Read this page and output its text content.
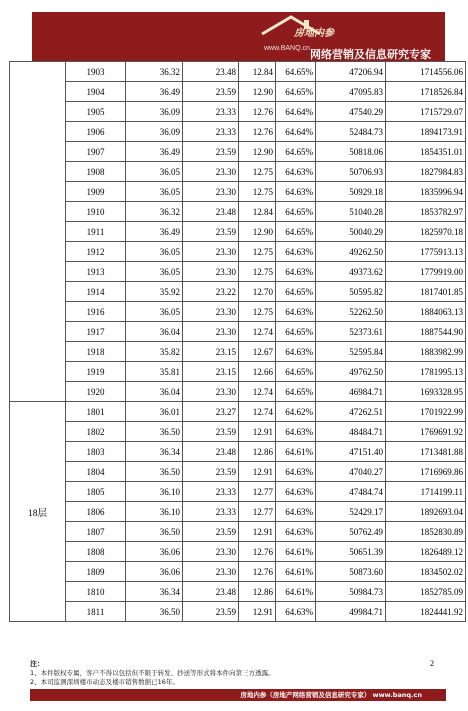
房地内参
www.BANQ.cn 网络营销及信息研究专家
	1903	36.32	23.48	12.84	64.65%	47206.94	1714556.06
	1904	36.49	23.59	12.90	64.65%	47095.83	1718526.84
	1905	36.09	23.33	12.76	64.64%	47540.29	1715729.07
	1906	36.09	23.33	12.76	64.64%	52484.73	1894173.91
	1907	36.49	23.59	12.90	64.65%	50818.06	1854351.01
	1908	36.05	23.30	12.75	64.63%	50706.93	1827984.83
	1909	36.05	23.30	12.75	64.63%	50929.18	1835996.94
	1910	36.32	23.48	12.84	64.65%	51040.28	1853782.97
	1911	36.49	23.59	12.90	64.65%	50040.29	1825970.18
	1912	36.05	23.30	12.75	64.63%	49262.50	1775913.13
	1913	36.05	23.30	12.75	64.63%	49373.62	1779919.00
	1914	35.92	23.22	12.70	64.65%	50595.82	1817401.85
	1916	36.05	23.30	12.75	64.63%	52262.50	1884063.13
	1917	36.04	23.30	12.74	64.65%	52373.61	1887544.90
	1918	35.82	23.15	12.67	64.63%	52595.84	1883982.99
	1919	35.81	23.15	12.66	64.65%	49762.50	1781995.13
	1920	36.04	23.30	12.74	64.65%	46984.71	1693328.95
18层	1801	36.01	23.27	12.74	64.62%	47262.51	1701922.99
	1802	36.50	23.59	12.91	64.63%	48484.71	1769691.92
	1803	36.34	23.48	12.86	64.61%	47151.40	1713481.88
	1804	36.50	23.59	12.91	64.63%	47040.27	1716969.86
	1805	36.10	23.33	12.77	64.63%	47484.74	1714199.11
	1806	36.10	23.33	12.77	64.63%	52429.17	1892693.04
	1807	36.50	23.59	12.91	64.63%	50762.49	1852830.89
	1808	36.06	23.30	12.76	64.61%	50651.39	1826489.12
	1809	36.06	23.30	12.76	64.61%	50873.60	1834502.02
	1810	36.34	23.48	12.86	64.61%	50984.73	1852785.09
	1811	36.50	23.59	12.91	64.63%	49984.71	1824441.92
注：
1、本件版权专属，客户不得以包括但不限于转发、抄送等形式将本件向第三方透露。
2、本司监测深圳楼市动态及楼市销售数据已16年。
2
房地内参（房地产网络营销及信息研究专家） www.banq.cn
